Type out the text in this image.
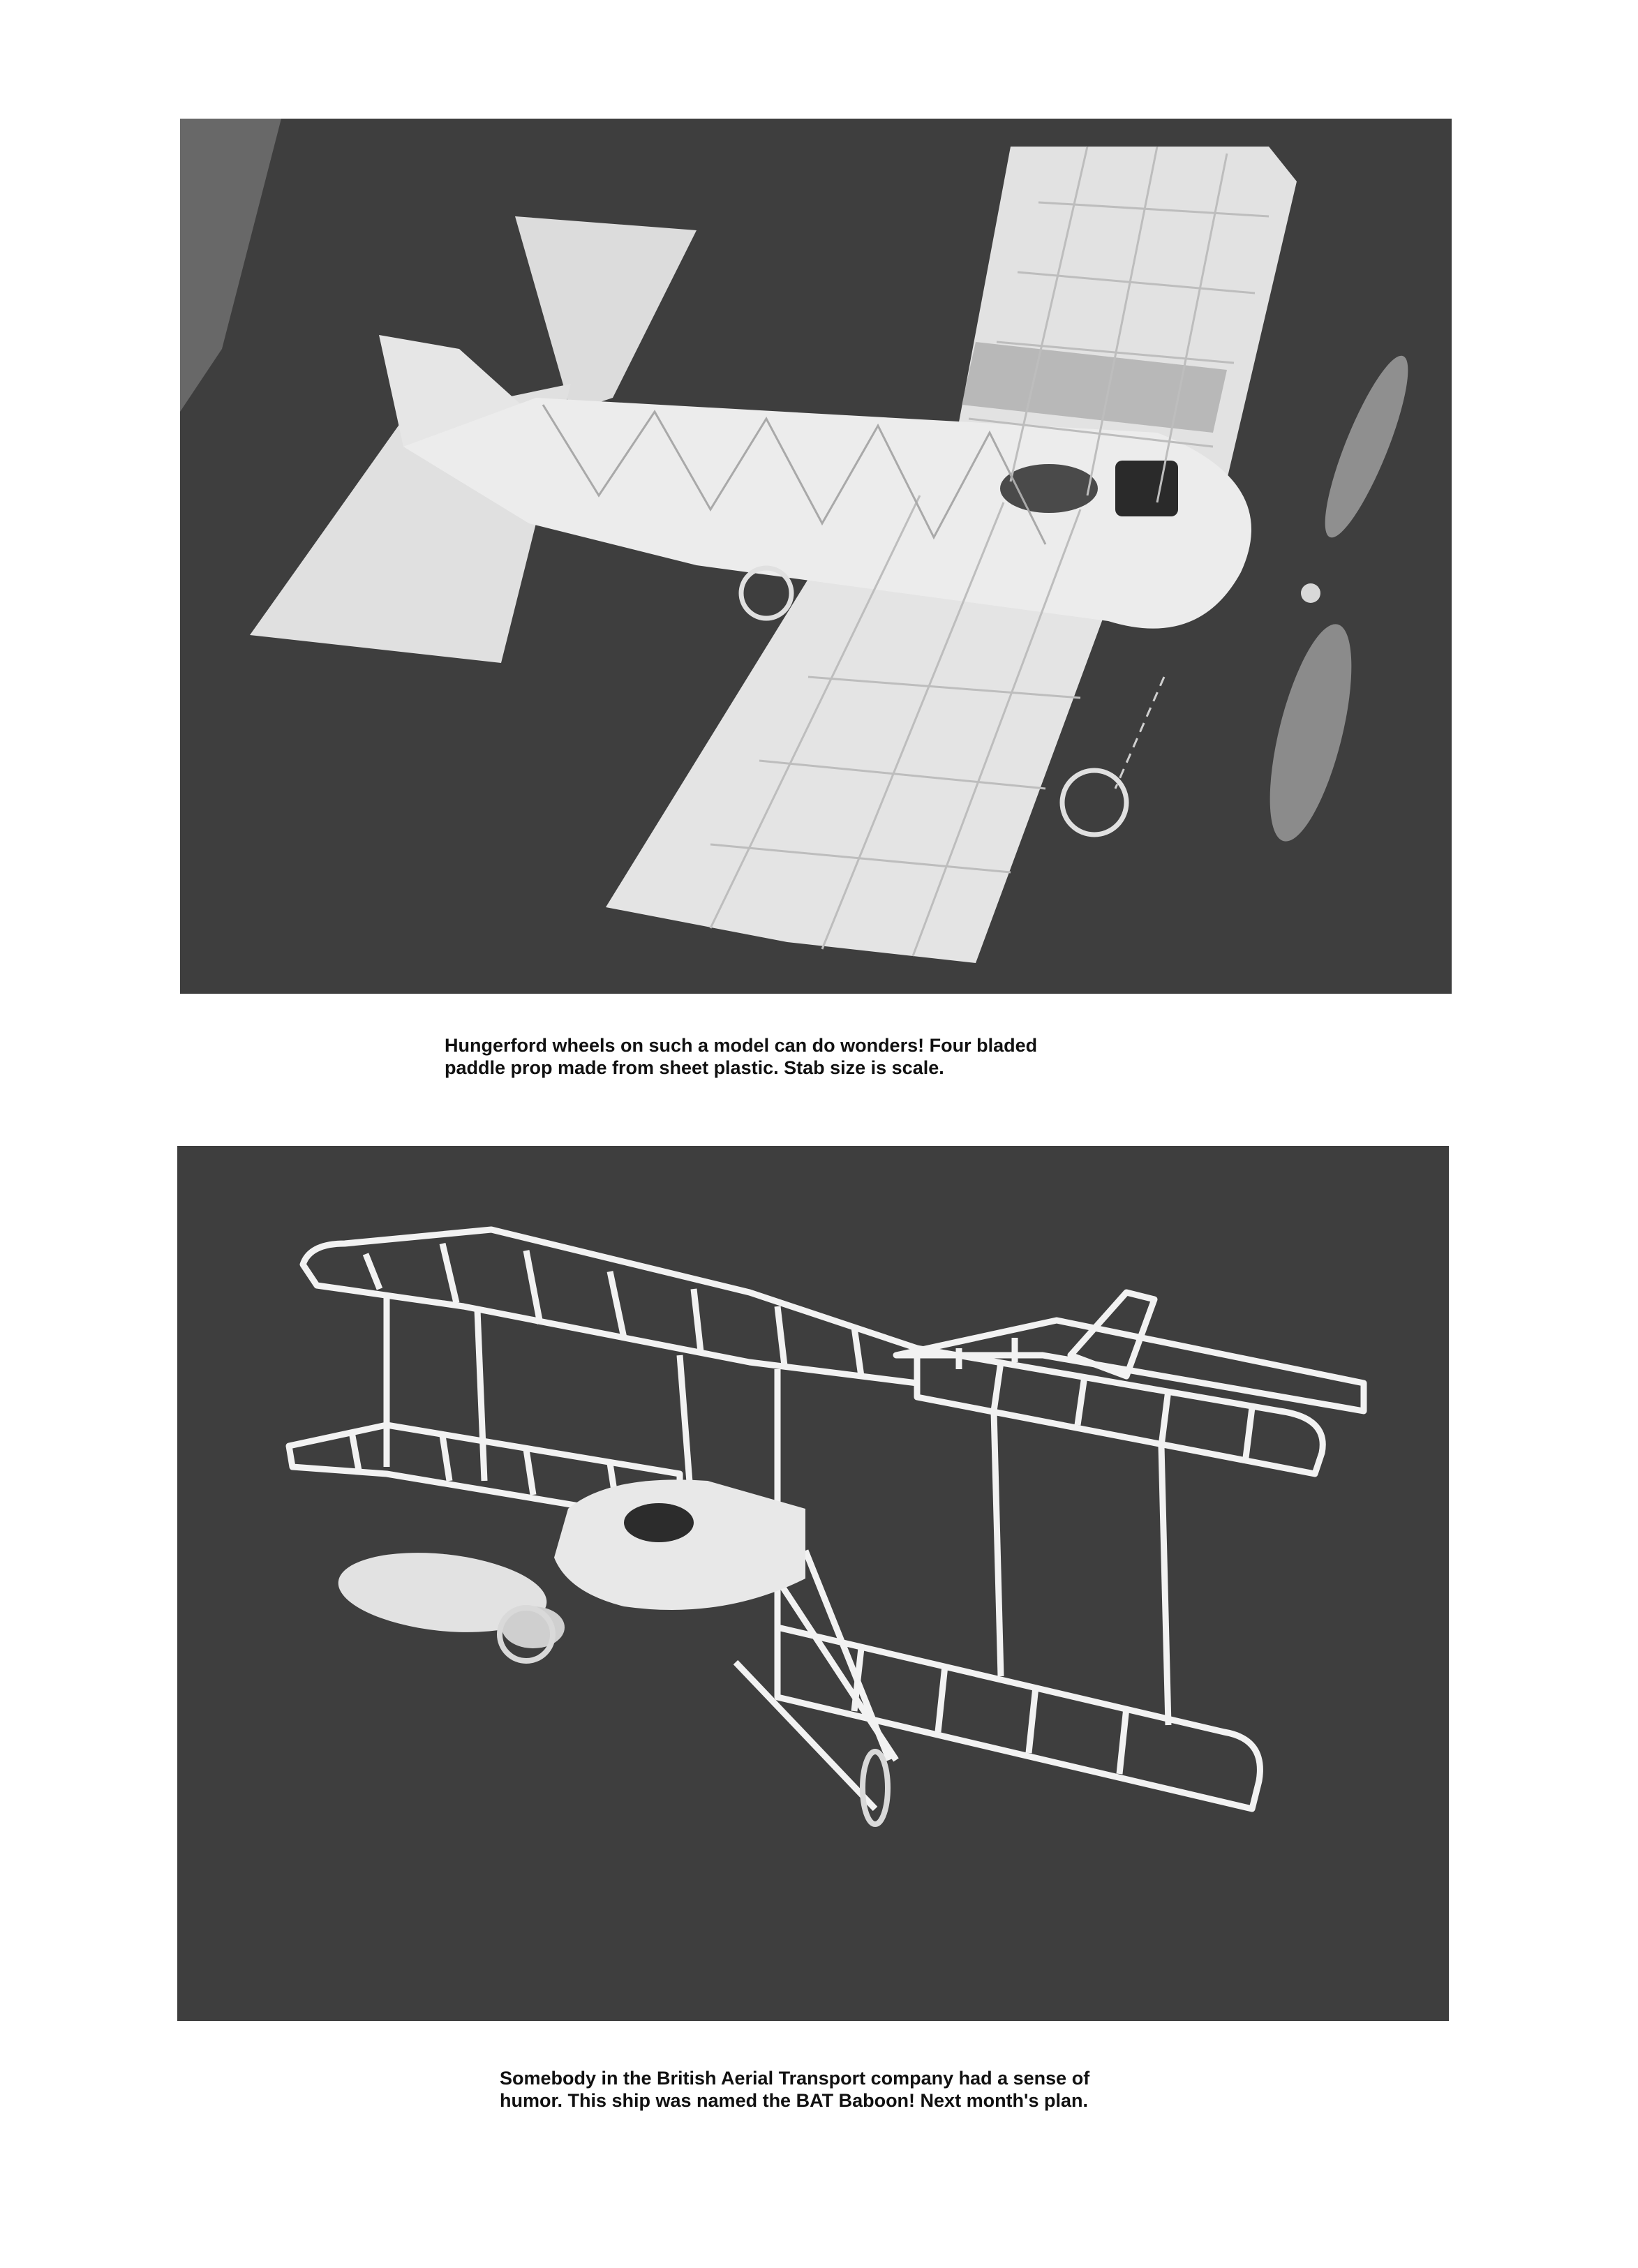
Hungerford wheels on such a model can do wonders! Four bladed
paddle prop made from sheet plastic. Stab size is scale.

Somebody in the British Aerial Transport company had a sense of
humor. This ship was named the BAT Baboon! Next month's plan.
